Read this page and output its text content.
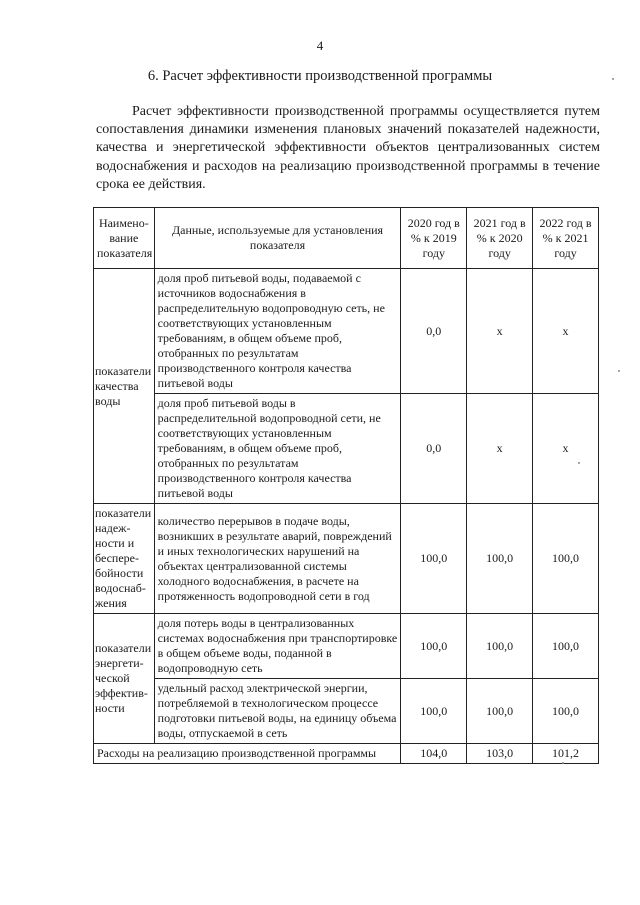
4
6. Расчет эффективности производственной программы
Расчет эффективности производственной программы осуществляется путем сопоставления динамики изменения плановых значений показателей надежности, качества и энергетической эффективности объектов централизованных систем водоснабжения и расходов на реализацию производственной программы в течение срока ее действия.
Наимено-вание показателя	Данные, используемые для установления показателя	2020 год в % к 2019 году	2021 год в % к 2020 году	2022 год в % к 2021 году
показатели качества воды	доля проб питьевой воды, подаваемой с источников водоснабжения в распределительную водопроводную сеть, не соответствующих установленным требованиям, в общем объеме проб, отобранных по результатам производственного контроля качества питьевой воды	0,0	х	х
	доля проб питьевой воды в распределительной водопроводной сети, не соответствующих установленным требованиям, в общем объеме проб, отобранных по результатам производственного контроля качества питьевой воды	0,0	х	х
показатели надеж-ности и беспере-бойности водоснаб-жения	количество перерывов в подаче воды, возникших в результате аварий, повреждений и иных технологических нарушений на объектах централизованной системы холодного водоснабжения, в расчете на протяженность водопроводной сети в год	100,0	100,0	100,0
показатели энергети-ческой эффектив-ности	доля потерь воды в централизованных системах водоснабжения при транспортировке в общем объеме воды, поданной в водопроводную сеть	100,0	100,0	100,0
	удельный расход электрической энергии, потребляемой в технологическом процессе подготовки питьевой воды, на единицу объема воды, отпускаемой в сеть	100,0	100,0	100,0
Расходы на реализацию производственной программы		104,0	103,0	101,2
